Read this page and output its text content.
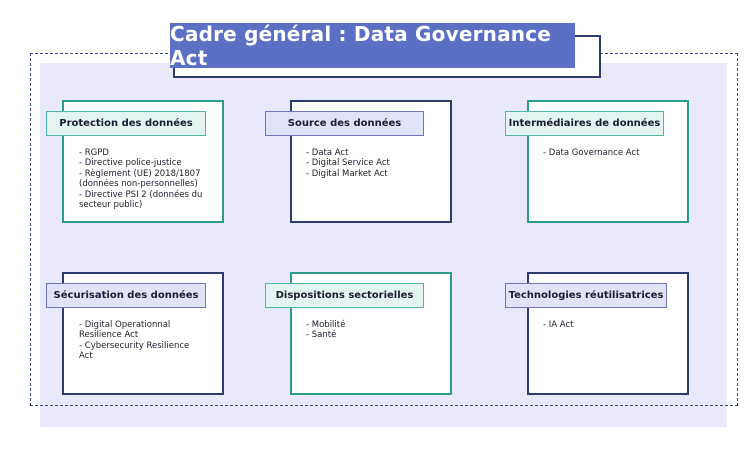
Cadre général : Data Governance Act
Protection des données
- RGPD
- Directive police-justice
- Règlement (UE) 2018/1807 (données non-personnelles)
- Directive PSI 2 (données du secteur public)
Source des données
- Data Act
- Digital Service Act
- Digital Market Act
Intermédiaires de données
- Data Governance Act
Sécurisation des données
- Digital Operationnal Resilience Act
- Cybersecurity Resilience Act
Dispositions sectorielles
- Mobilité
- Santé
Technologies réutilisatrices
- IA Act
